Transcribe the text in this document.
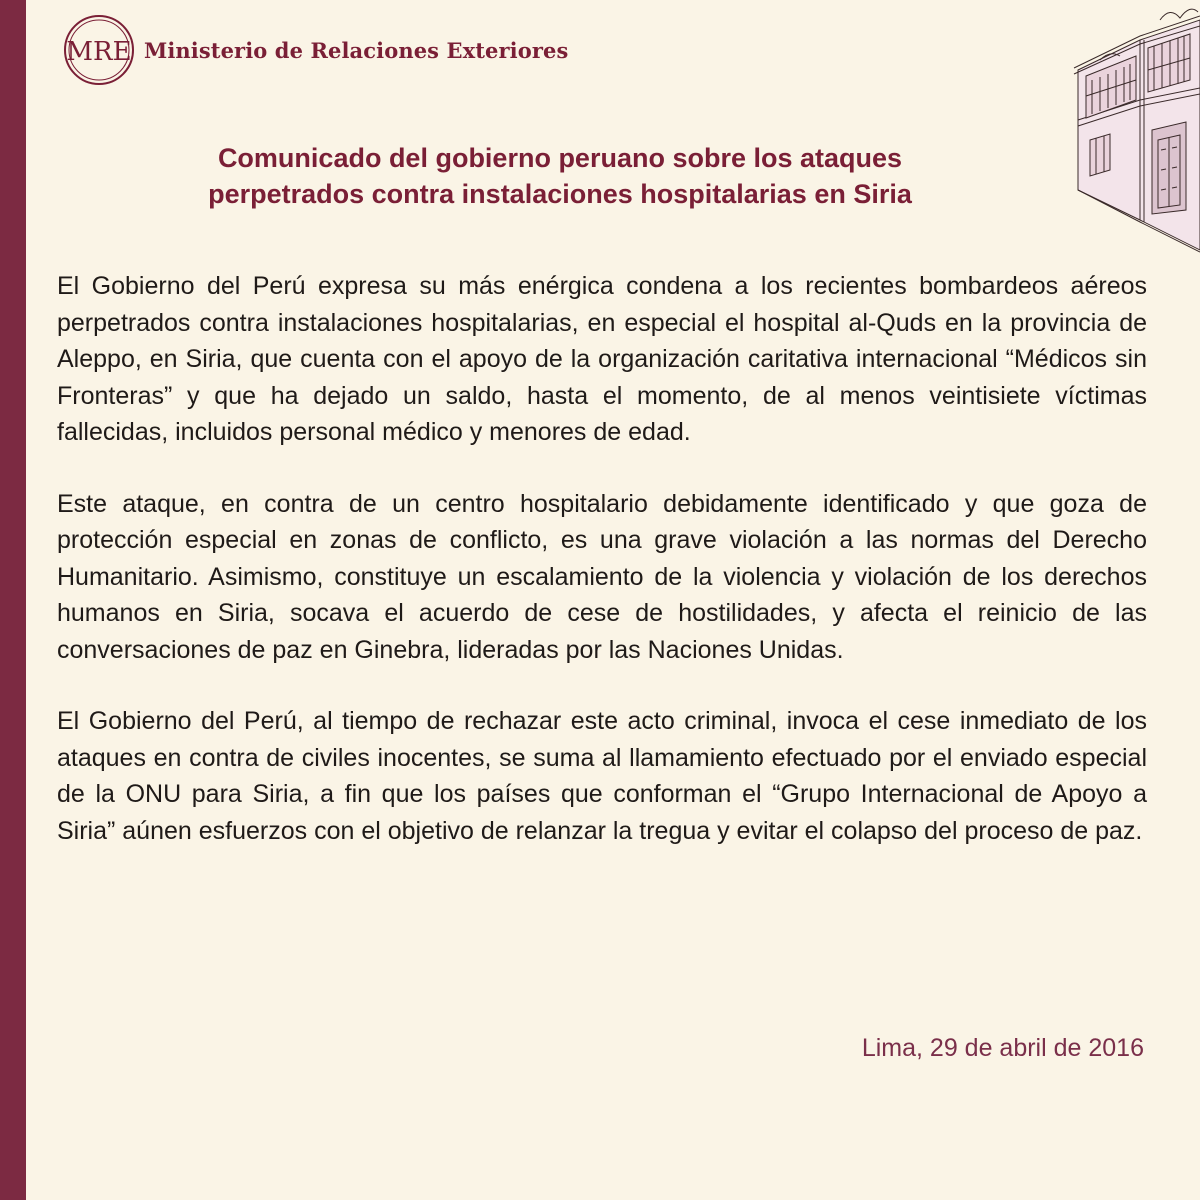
MRE Ministerio de Relaciones Exteriores
Comunicado del gobierno peruano sobre los ataques
perpetrados contra instalaciones hospitalarias en Siria

El Gobierno del Perú expresa su más enérgica condena a los recientes bombardeos aéreos perpetrados contra instalaciones hospitalarias, en especial el hospital al-Quds en la provincia de Aleppo, en Siria, que cuenta con el apoyo de la organización caritativa internacional “Médicos sin Fronteras” y que ha dejado un saldo, hasta el momento, de al menos veintisiete víctimas fallecidas, incluidos personal médico y menores de edad.

Este ataque, en contra de un centro hospitalario debidamente identificado y que goza de protección especial en zonas de conflicto, es una grave violación a las normas del Derecho Humanitario. Asimismo, constituye un escalamiento de la violencia y violación de los derechos humanos en Siria, socava el acuerdo de cese de hostilidades, y afecta el reinicio de las conversaciones de paz en Ginebra, lideradas por las Naciones Unidas.

El Gobierno del Perú, al tiempo de rechazar este acto criminal, invoca el cese inmediato de los ataques en contra de civiles inocentes, se suma al llamamiento efectuado por el enviado especial de la ONU para Siria, a fin que los países que conforman el “Grupo Internacional de Apoyo a Siria” aúnen esfuerzos con el objetivo de relanzar la tregua y evitar el colapso del proceso de paz.

Lima, 29 de abril de 2016
